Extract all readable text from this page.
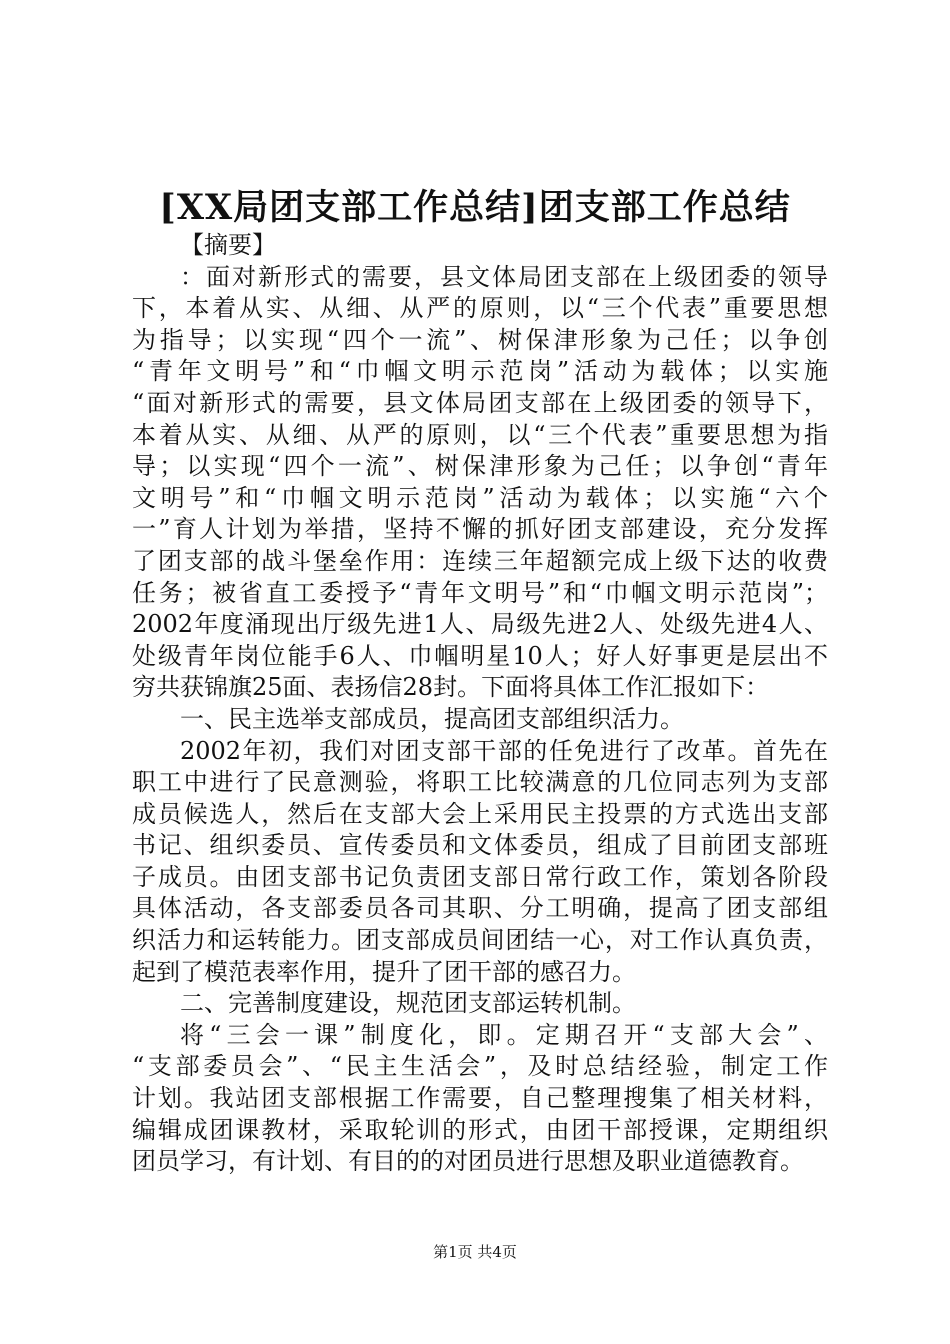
[XX局团支部工作总结]团支部工作总结
【摘要】
：面对新形式的需要，县文体局团支部在上级团委的领导
下，本着从实、从细、从严的原则，以“三个代表”重要思想
为指导；以实现“四个一流”、树保津形象为己任；以争创
“青年文明号”和“巾帼文明示范岗”活动为载体；以实施
“面对新形式的需要，县文体局团支部在上级团委的领导下，
本着从实、从细、从严的原则，以“三个代表”重要思想为指
导；以实现“四个一流”、树保津形象为己任；以争创“青年
文明号”和“巾帼文明示范岗”活动为载体；以实施“六个
一”育人计划为举措，坚持不懈的抓好团支部建设，充分发挥
了团支部的战斗堡垒作用：连续三年超额完成上级下达的收费
任务；被省直工委授予“青年文明号”和“巾帼文明示范岗”；
2002年度涌现出厅级先进1人、局级先进2人、处级先进4人、
处级青年岗位能手6人、巾帼明星10人；好人好事更是层出不
穷共获锦旗25面、表扬信28封。下面将具体工作汇报如下：
一、民主选举支部成员，提高团支部组织活力。
2002年初，我们对团支部干部的任免进行了改革。首先在
职工中进行了民意测验，将职工比较满意的几位同志列为支部
成员候选人，然后在支部大会上采用民主投票的方式选出支部
书记、组织委员、宣传委员和文体委员，组成了目前团支部班
子成员。由团支部书记负责团支部日常行政工作，策划各阶段
具体活动，各支部委员各司其职、分工明确，提高了团支部组
织活力和运转能力。团支部成员间团结一心，对工作认真负责，
起到了模范表率作用，提升了团干部的感召力。
二、完善制度建设，规范团支部运转机制。
将“三会一课”制度化，即。定期召开“支部大会”、
“支部委员会”、“民主生活会”，及时总结经验，制定工作
计划。我站团支部根据工作需要，自己整理搜集了相关材料，
编辑成团课教材，采取轮训的形式，由团干部授课，定期组织
团员学习，有计划、有目的的对团员进行思想及职业道德教育。
第1页 共4页
